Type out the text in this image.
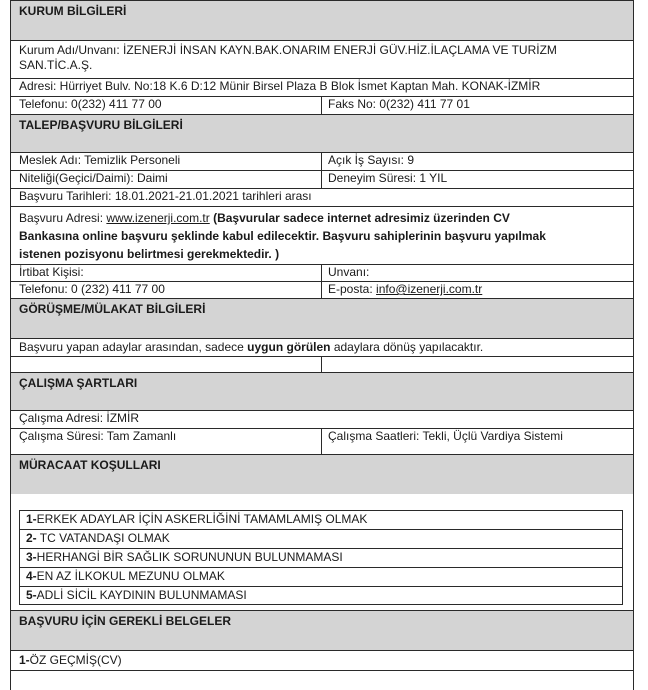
KURUM BİLGİLERİ
Kurum Adı/Unvanı: İZENERJİ İNSAN KAYN.BAK.ONARIM ENERJİ GÜV.HİZ.İLAÇLAMA VE TURİZM
SAN.TİC.A.Ş.
Adresi: Hürriyet Bulv. No:18 K.6 D:12 Münir Birsel Plaza B Blok İsmet Kaptan Mah. KONAK-İZMİR
Telefonu: 0(232) 411 77 00	Faks No: 0(232) 411 77 01
TALEP/BAŞVURU BİLGİLERİ
Meslek Adı: Temizlik Personeli	Açık İş Sayısı: 9
Niteliği(Geçici/Daimi): Daimi	Deneyim Süresi: 1 YIL
Başvuru Tarihleri: 18.01.2021-21.01.2021 tarihleri arası
Başvuru Adresi: www.izenerji.com.tr (Başvurular sadece internet adresimiz üzerinden CV
Bankasına online başvuru şeklinde kabul edilecektir. Başvuru sahiplerinin başvuru yapılmak
istenen pozisyonu belirtmesi gerekmektedir. )
İrtibat Kişisi:	Unvanı:
Telefonu: 0 (232) 411 77 00	E-posta: info@izenerji.com.tr
GÖRÜŞME/MÜLAKAT BİLGİLERİ
Başvuru yapan adaylar arasından, sadece uygun görülen adaylara dönüş yapılacaktır.
ÇALIŞMA ŞARTLARI
Çalışma Adresi: İZMİR
Çalışma Süresi: Tam Zamanlı	Çalışma Saatleri: Tekli, Üçlü Vardiya Sistemi
MÜRACAAT KOŞULLARI
1-ERKEK ADAYLAR İÇİN ASKERLİĞİNİ TAMAMLAMIŞ OLMAK
2- TC VATANDAŞI OLMAK
3-HERHANGİ BİR SAĞLIK SORUNUNUN BULUNMAMASI
4-EN AZ İLKOKUL MEZUNU OLMAK
5-ADLİ SİCİL KAYDININ BULUNMAMASI
BAŞVURU İÇİN GEREKLİ BELGELER
1-ÖZ GEÇMİŞ(CV)
